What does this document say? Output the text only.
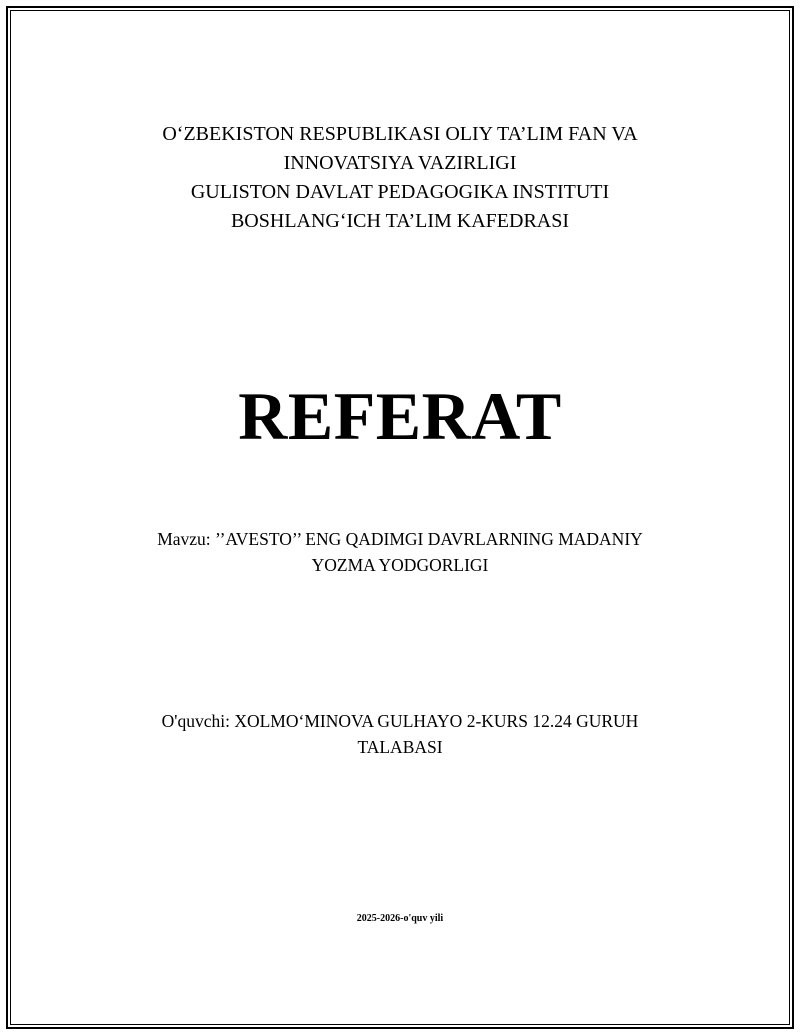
O‘ZBEKISTON RESPUBLIKASI OLIY TA’LIM FAN VA
INNOVATSIYA VAZIRLIGI
GULISTON DAVLAT PEDAGOGIKA INSTITUTI
BOSHLANG‘ICH TA’LIM KAFEDRASI
REFERAT
Mavzu: ’’AVESTO’’ ENG QADIMGI DAVRLARNING MADANIY
YOZMA YODGORLIGI
O'quvchi: XOLMO‘MINOVA GULHAYO 2-KURS 12.24 GURUH
TALABASI
2025-2026-o'quv yili
